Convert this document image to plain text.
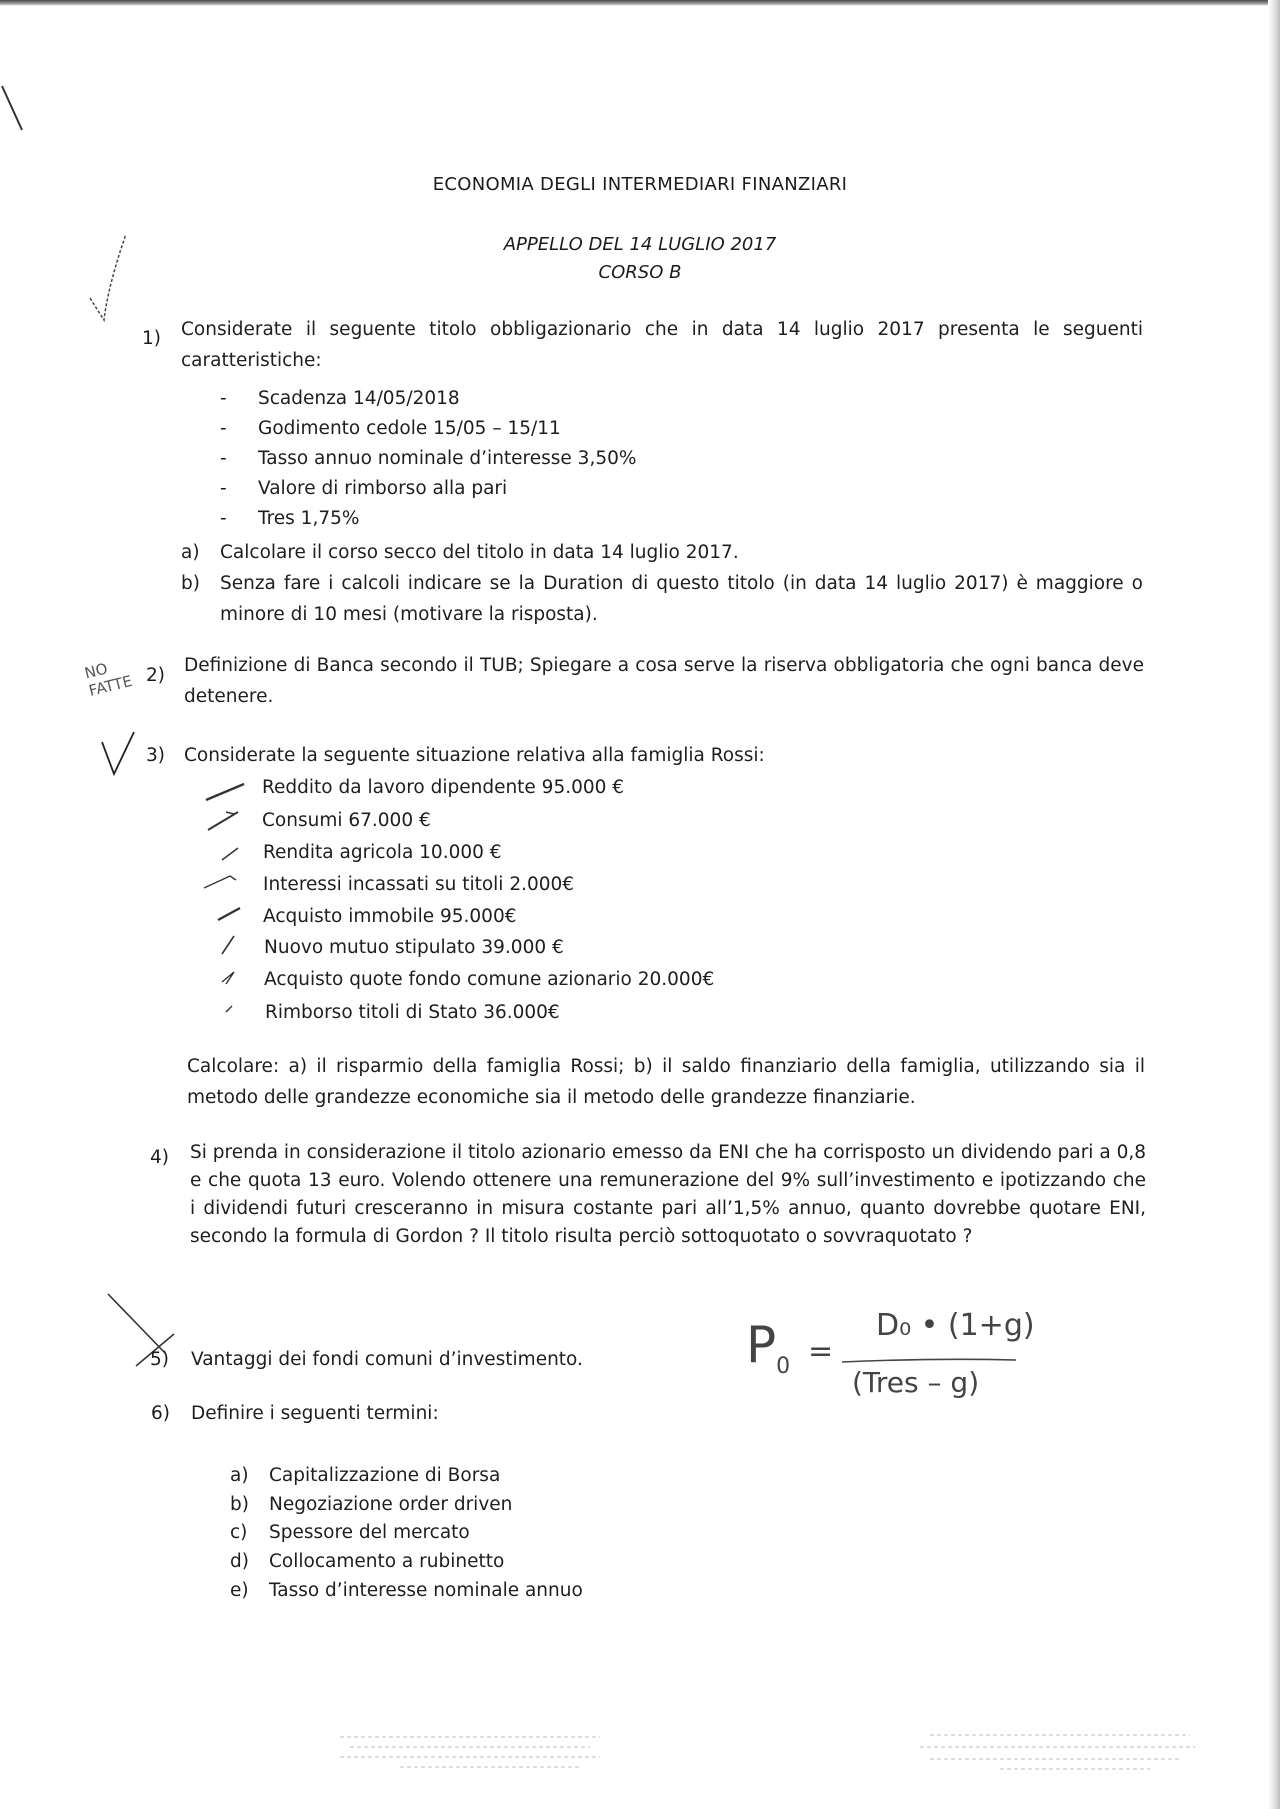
ECONOMIA DEGLI INTERMEDIARI FINANZIARI
APPELLO DEL 14 LUGLIO 2017
CORSO B
1) Considerate il seguente titolo obbligazionario che in data 14 luglio 2017 presenta le seguenti caratteristiche:
- Scadenza 14/05/2018
- Godimento cedole 15/05 – 15/11
- Tasso annuo nominale d’interesse 3,50%
- Valore di rimborso alla pari
- Tres 1,75%
a) Calcolare il corso secco del titolo in data 14 luglio 2017.
b) Senza fare i calcoli indicare se la Duration di questo titolo (in data 14 luglio 2017) è maggiore o minore di 10 mesi (motivare la risposta).
NO FATTE 2) Definizione di Banca secondo il TUB; Spiegare a cosa serve la riserva obbligatoria che ogni banca deve detenere.
3) Considerate la seguente situazione relativa alla famiglia Rossi:
Reddito da lavoro dipendente 95.000 €
Consumi 67.000 €
Rendita agricola 10.000 €
Interessi incassati su titoli 2.000€
Acquisto immobile 95.000€
Nuovo mutuo stipulato 39.000 €
Acquisto quote fondo comune azionario 20.000€
Rimborso titoli di Stato 36.000€
Calcolare: a) il risparmio della famiglia Rossi; b) il saldo finanziario della famiglia, utilizzando sia il metodo delle grandezze economiche sia il metodo delle grandezze finanziarie.
4) Si prenda in considerazione il titolo azionario emesso da ENI che ha corrisposto un dividendo pari a 0,8 e che quota 13 euro. Volendo ottenere una remunerazione del 9% sull’investimento e ipotizzando che i dividendi futuri cresceranno in misura costante pari all’1,5% annuo, quanto dovrebbe quotare ENI, secondo la formula di Gordon ? Il titolo risulta perciò sottoquotato o sovvraquotato ?
5) Vantaggi dei fondi comuni d’investimento.	$P_0$ =
D₀ • (1+g)
(Tres – g)
6) Definire i seguenti termini:
a) Capitalizzazione di Borsa
b) Negoziazione order driven
c) Spessore del mercato
d) Collocamento a rubinetto
e) Tasso d’interesse nominale annuo
